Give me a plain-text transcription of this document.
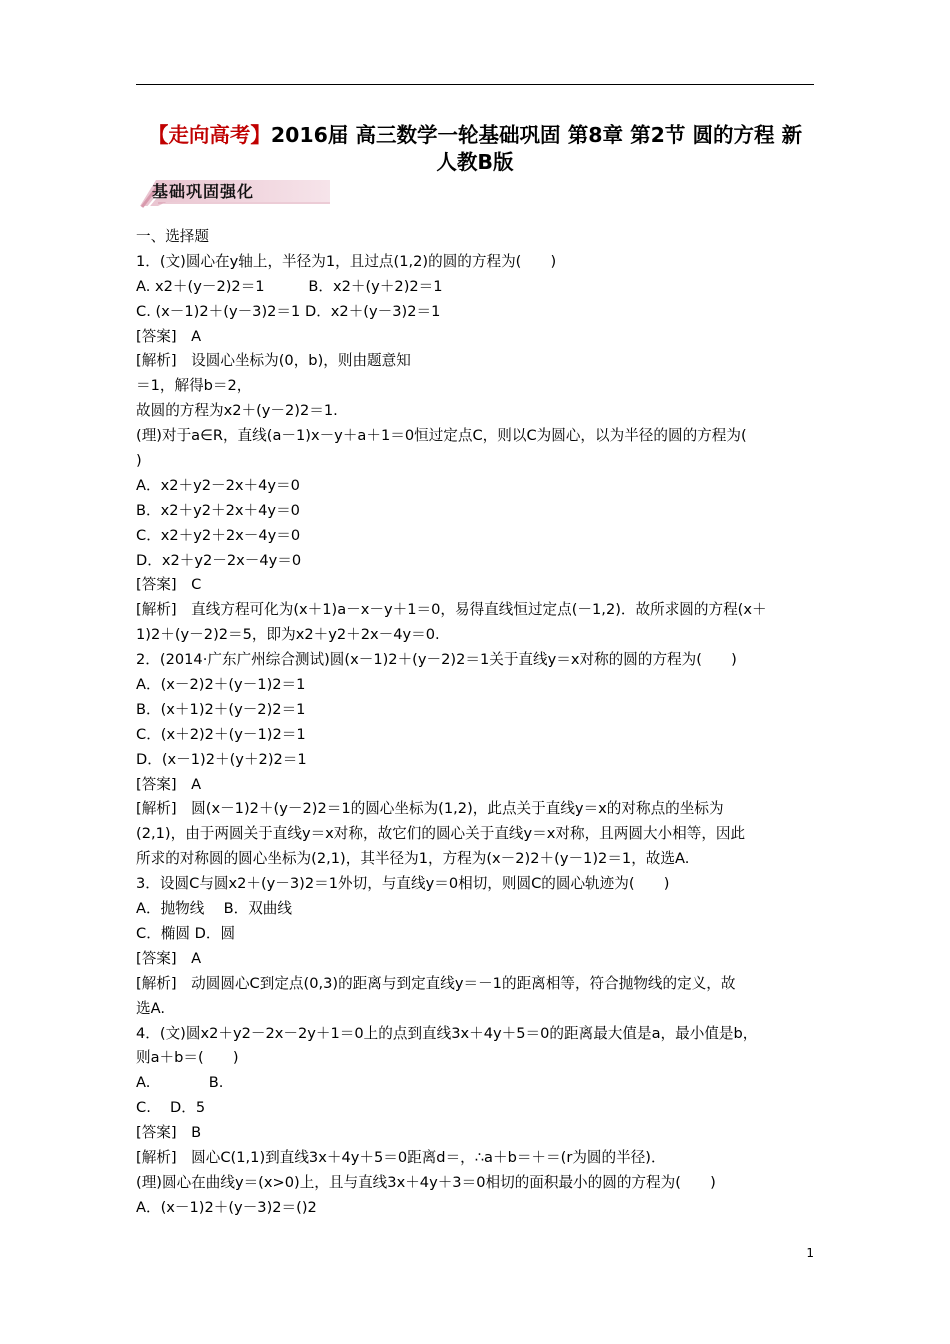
【走向高考】2016届 高三数学一轮基础巩固 第8章 第2节 圆的方程 新
人教B版
基础巩固强化
一、选择题
1．(文)圆心在y轴上，半径为1，且过点(1,2)的圆的方程为(　　)
A. x2＋(y－2)2＝1　　　B．x2＋(y＋2)2＝1
C. (x－1)2＋(y－3)2＝1 D．x2＋(y－3)2＝1
[答案]　A
[解析]　设圆心坐标为(0，b)，则由题意知
＝1，解得b＝2，
故圆的方程为x2＋(y－2)2＝1.
(理)对于a∈R，直线(a－1)x－y＋a＋1＝0恒过定点C，则以C为圆心，以为半径的圆的方程为(
)
A．x2＋y2－2x＋4y＝0
B．x2＋y2＋2x＋4y＝0
C．x2＋y2＋2x－4y＝0
D．x2＋y2－2x－4y＝0
[答案]　C
[解析]　直线方程可化为(x＋1)a－x－y＋1＝0，易得直线恒过定点(－1,2)．故所求圆的方程(x＋
1)2＋(y－2)2＝5，即为x2＋y2＋2x－4y＝0.
2．(2014·广东广州综合测试)圆(x－1)2＋(y－2)2＝1关于直线y＝x对称的圆的方程为(　　)
A．(x－2)2＋(y－1)2＝1
B．(x＋1)2＋(y－2)2＝1
C．(x＋2)2＋(y－1)2＝1
D．(x－1)2＋(y＋2)2＝1
[答案]　A
[解析]　圆(x－1)2＋(y－2)2＝1的圆心坐标为(1,2)，此点关于直线y＝x的对称点的坐标为
(2,1)，由于两圆关于直线y＝x对称，故它们的圆心关于直线y＝x对称，且两圆大小相等，因此
所求的对称圆的圆心坐标为(2,1)，其半径为1，方程为(x－2)2＋(y－1)2＝1，故选A.
3．设圆C与圆x2＋(y－3)2＝1外切，与直线y＝0相切，则圆C的圆心轨迹为(　　)
A．抛物线　 B．双曲线
C．椭圆 D．圆
[答案]　A
[解析]　动圆圆心C到定点(0,3)的距离与到定直线y＝－1的距离相等，符合抛物线的定义，故
选A.
4．(文)圆x2＋y2－2x－2y＋1＝0上的点到直线3x＋4y＋5＝0的距离最大值是a，最小值是b，
则a＋b＝(　　)
A.　　　　B.
C.　 D．5
[答案]　B
[解析]　圆心C(1,1)到直线3x＋4y＋5＝0距离d＝，∴a＋b＝＋＝(r为圆的半径)．
(理)圆心在曲线y＝(x>0)上，且与直线3x＋4y＋3＝0相切的面积最小的圆的方程为(　　)
A．(x－1)2＋(y－3)2＝()2
1
